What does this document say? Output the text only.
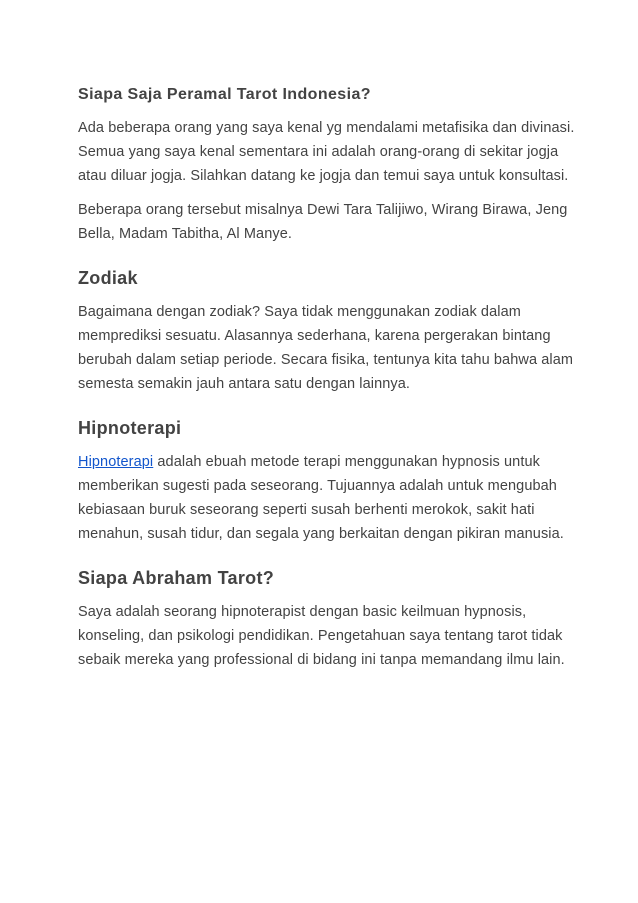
Siapa Saja Peramal Tarot Indonesia?

Ada beberapa orang yang saya kenal yg mendalami metafisika dan divinasi. Semua yang saya kenal sementara ini adalah orang-orang di sekitar jogja atau diluar jogja. Silahkan datang ke jogja dan temui saya untuk konsultasi.

Beberapa orang tersebut misalnya Dewi Tara Talijiwo, Wirang Birawa, Jeng Bella, Madam Tabitha, Al Manye.

Zodiak

Bagaimana dengan zodiak? Saya tidak menggunakan zodiak dalam memprediksi sesuatu. Alasannya sederhana, karena pergerakan bintang berubah dalam setiap periode. Secara fisika, tentunya kita tahu bahwa alam semesta semakin jauh antara satu dengan lainnya.

Hipnoterapi

Hipnoterapi adalah ebuah metode terapi menggunakan hypnosis untuk memberikan sugesti pada seseorang. Tujuannya adalah untuk mengubah kebiasaan buruk seseorang seperti susah berhenti merokok, sakit hati menahun, susah tidur, dan segala yang berkaitan dengan pikiran manusia.

Siapa Abraham Tarot?

Saya adalah seorang hipnoterapist dengan basic keilmuan hypnosis, konseling, dan psikologi pendidikan. Pengetahuan saya tentang tarot tidak sebaik mereka yang professional di bidang ini tanpa memandang ilmu lain.
